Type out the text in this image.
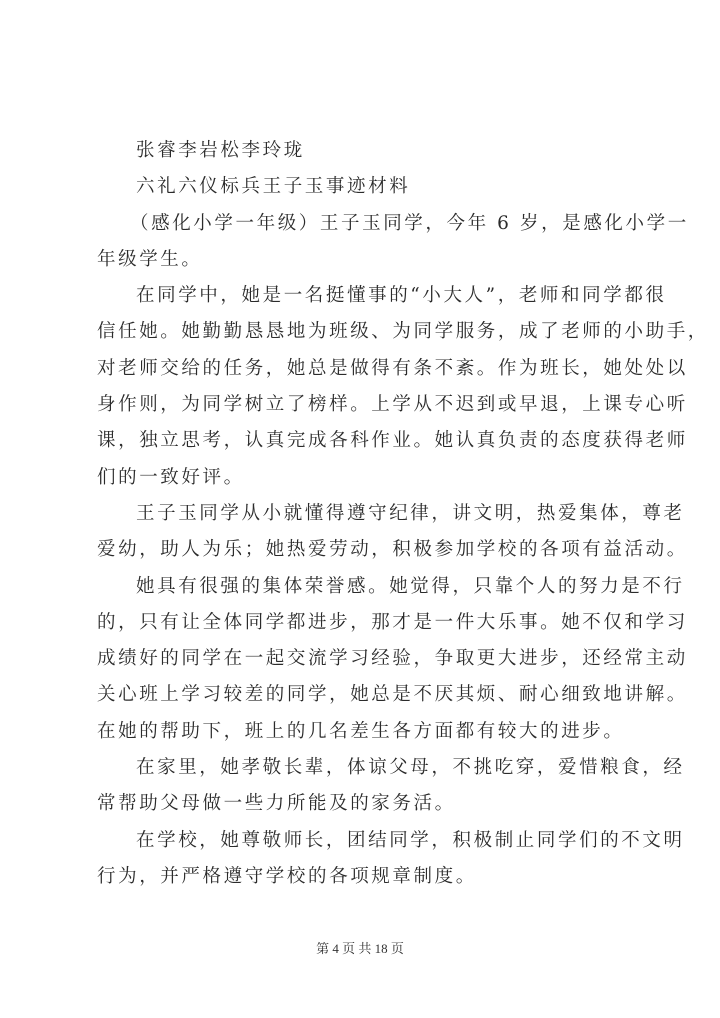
张睿李岩松李玲珑
六礼六仪标兵王子玉事迹材料
（感化小学一年级）王子玉同学，今年 6 岁，是感化小学一
年级学生。
在同学中，她是一名挺懂事的“小大人”，老师和同学都很
信任她。她勤勤恳恳地为班级、为同学服务，成了老师的小助手，
对老师交给的任务，她总是做得有条不紊。作为班长，她处处以
身作则，为同学树立了榜样。上学从不迟到或早退，上课专心听
课，独立思考，认真完成各科作业。她认真负责的态度获得老师
们的一致好评。
王子玉同学从小就懂得遵守纪律，讲文明，热爱集体，尊老
爱幼，助人为乐；她热爱劳动，积极参加学校的各项有益活动。
她具有很强的集体荣誉感。她觉得，只靠个人的努力是不行
的，只有让全体同学都进步，那才是一件大乐事。她不仅和学习
成绩好的同学在一起交流学习经验，争取更大进步，还经常主动
关心班上学习较差的同学，她总是不厌其烦、耐心细致地讲解。
在她的帮助下，班上的几名差生各方面都有较大的进步。
在家里，她孝敬长辈，体谅父母，不挑吃穿，爱惜粮食，经
常帮助父母做一些力所能及的家务活。
在学校，她尊敬师长，团结同学，积极制止同学们的不文明
行为，并严格遵守学校的各项规章制度。
第 4 页 共 18 页
